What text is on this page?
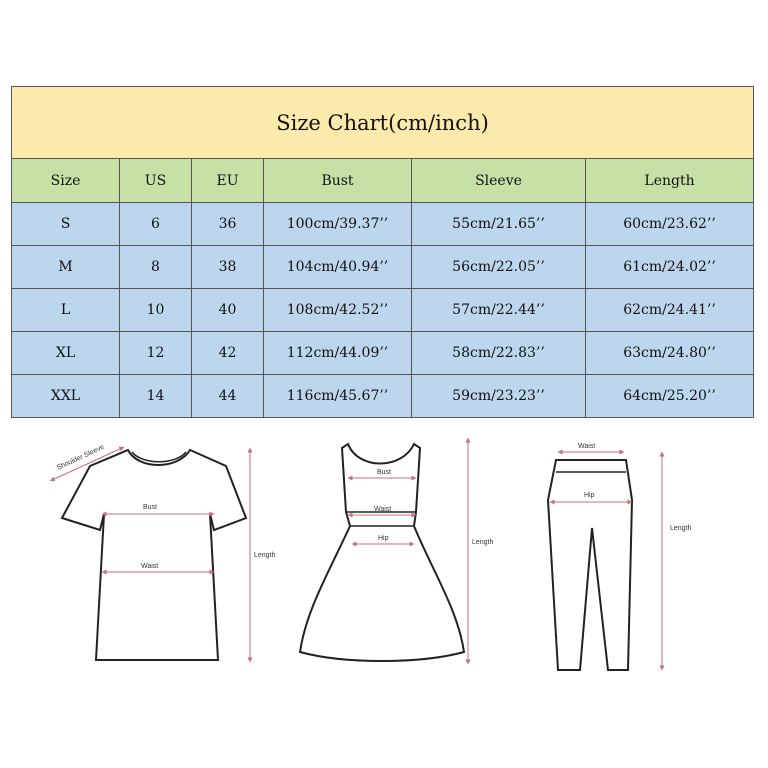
Size Chart(cm/inch)					
Size	US	EU	Bust	Sleeve	Length
S	6	36	100cm/39.37’’	55cm/21.65’’	60cm/23.62’’
M	8	38	104cm/40.94’’	56cm/22.05’’	61cm/24.02’’
L	10	40	108cm/42.52’’	57cm/22.44’’	62cm/24.41’’
XL	12	42	112cm/44.09’’	58cm/22.83’’	63cm/24.80’’
XXL	14	44	116cm/45.67’’	59cm/23.23’’	64cm/25.20’’
Shoulder Sleeve
Bust
Waist
Length
Bust
Waist
Hip
Length
Waist
Hip
Length
